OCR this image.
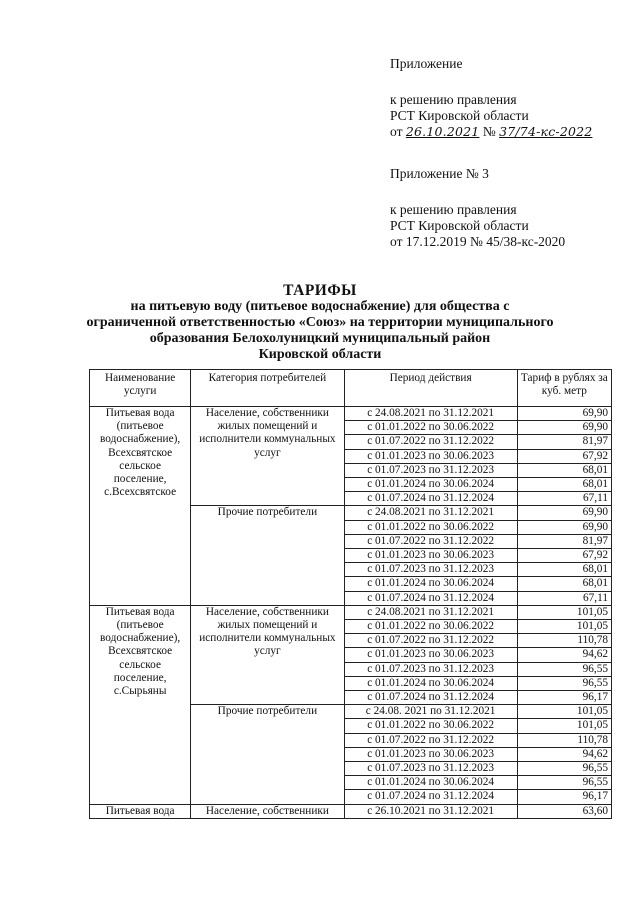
Приложение
к решению правления
РСТ Кировской области
от 26.10.2021 № 37/74-кс-2022
Приложение № 3
к решению правления
РСТ Кировской области
от 17.12.2019 № 45/38-кс-2020
ТАРИФЫ
на питьевую воду (питьевое водоснабжение) для общества с
ограниченной ответственностью «Союз» на территории муниципального
образования Белохолуницкий муниципальный район
Кировской области
Наименование услуги	Категория потребителей	Период действия	Тариф в рублях за куб. метр
Питьевая вода (питьевое водоснабжение), Всехсвятское сельское поселение, с.Всехсвятское	Население, собственники жилых помещений и исполнители коммунальных услуг	с 24.08.2021 по 31.12.2021	69,90
		с 01.01.2022 по 30.06.2022	69,90
		с 01.07.2022 по 31.12.2022	81,97
		с 01.01.2023 по 30.06.2023	67,92
		с 01.07.2023 по 31.12.2023	68,01
		с 01.01.2024 по 30.06.2024	68,01
		с 01.07.2024 по 31.12.2024	67,11
	Прочие потребители	с 24.08.2021 по 31.12.2021	69,90
		с 01.01.2022 по 30.06.2022	69,90
		с 01.07.2022 по 31.12.2022	81,97
		с 01.01.2023 по 30.06.2023	67,92
		с 01.07.2023 по 31.12.2023	68,01
		с 01.01.2024 по 30.06.2024	68,01
		с 01.07.2024 по 31.12.2024	67,11
Питьевая вода (питьевое водоснабжение), Всехсвятское сельское поселение, с.Сырьяны	Население, собственники жилых помещений и исполнители коммунальных услуг	с 24.08.2021 по 31.12.2021	101,05
		с 01.01.2022 по 30.06.2022	101,05
		с 01.07.2022 по 31.12.2022	110,78
		с 01.01.2023 по 30.06.2023	94,62
		с 01.07.2023 по 31.12.2023	96,55
		с 01.01.2024 по 30.06.2024	96,55
		с 01.07.2024 по 31.12.2024	96,17
	Прочие потребители	с 24.08. 2021 по 31.12.2021	101,05
		с 01.01.2022 по 30.06.2022	101,05
		с 01.07.2022 по 31.12.2022	110,78
		с 01.01.2023 по 30.06.2023	94,62
		с 01.07.2023 по 31.12.2023	96,55
		с 01.01.2024 по 30.06.2024	96,55
		с 01.07.2024 по 31.12.2024	96,17
Питьевая вода	Население, собственники	с 26.10.2021 по 31.12.2021	63,60
